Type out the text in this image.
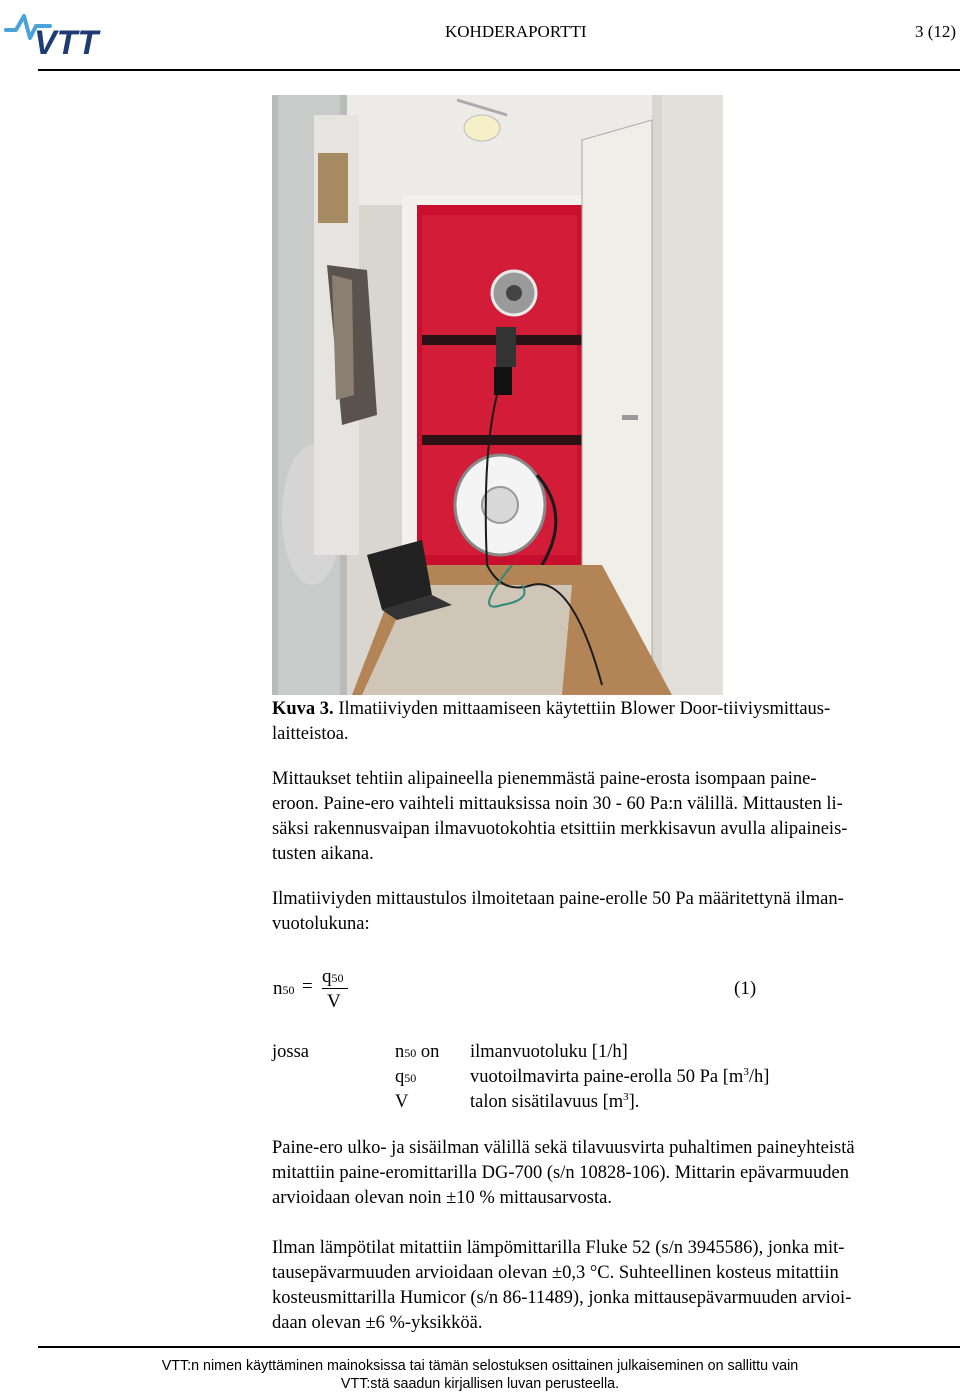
VTT	KOHDERAPORTTI	3 (12)
Kuva 3. Ilmatiiviyden mittaamiseen käytettiin Blower Door-tiiviysmittaus-
laitteistoa.
Mittaukset tehtiin alipaineella pienemmästä paine-erosta isompaan paine-
eroon. Paine-ero vaihteli mittauksissa noin 30 - 60 Pa:n välillä. Mittausten li-
säksi rakennusvaipan ilmavuotokohtia etsittiin merkkisavun avulla alipaineis-
tusten aikana.
Ilmatiiviyden mittaustulos ilmoitetaan paine-erolle 50 Pa määritettynä ilman-
vuotolukuna:
n50 = q50
V
(1)
jossa	n50 on ilmanvuotoluku [1/h]
q50	vuotoilmavirta paine-erolla 50 Pa $[m^3/h]$
V	talon sisätilavuus $[m^3]$.
Paine-ero ulko- ja sisäilman välillä sekä tilavuusvirta puhaltimen paineyhteistä
mitattiin paine-eromittarilla DG-700 (s/n 10828-106). Mittarin epävarmuuden
arvioidaan olevan noin ±10 % mittausarvosta.
Ilman lämpötilat mitattiin lämpömittarilla Fluke 52 (s/n 3945586), jonka mit-
tausepävarmuuden arvioidaan olevan ±0,3 °C. Suhteellinen kosteus mitattiin
kosteusmittarilla Humicor (s/n 86-11489), jonka mittausepävarmuuden arvioi-
daan olevan ±6 %-yksikköä.
VTT:n nimen käyttäminen mainoksissa tai tämän selostuksen osittainen julkaiseminen on sallittu vain
VTT:stä saadun kirjallisen luvan perusteella.
